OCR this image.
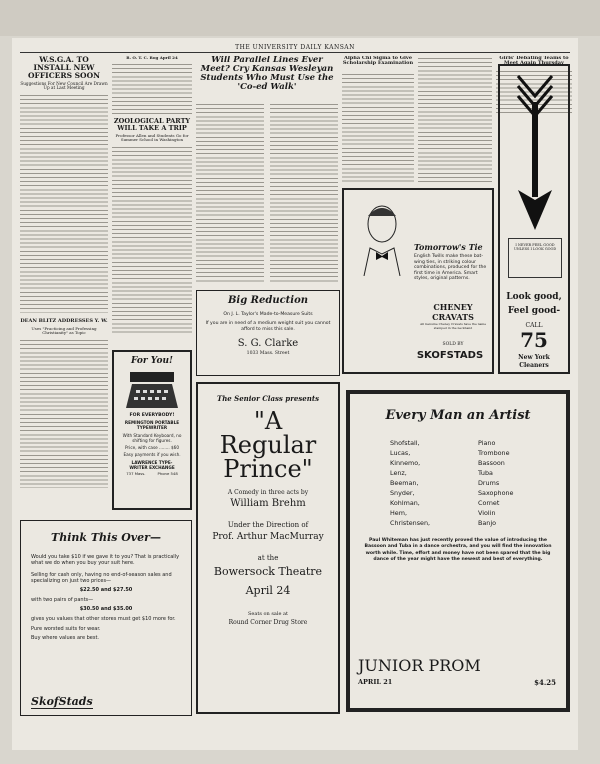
THE UNIVERSITY DAILY KANSAN
W.S.G.A. TO INSTALL NEW OFFICERS SOON
Suggestions For New Council Are Drawn Up at Last Meeting
DEAN BLITZ ADDRESSES Y. W.
Uses "Practicing and Professing Christianity" as Topic
R. O. T. C. Rog April 24
ZOOLOGICAL PARTY WILL TAKE A TRIP
Professor Allen and Students Go for Summer School in Washington
Will Parallel Lines Ever Meet? Cry Kansas Wesleyan Students Who Must Use the 'Co-ed Walk'
Alpha Chi Sigma to Give Scholarship Examination
Girls' Debating Teams to Meet Again Thursday
Tomorrow's Tie
English Twills make these bat-wing ties, in striking colour combinations, produced for the first time in America. Smart styles, original patterns.
CHENEY CRAVATS
All Genuine Cheney Cravats have the name stamped in the neckband
SOLD BY
SKOFSTADS
I NEVER FEEL GOOD UNLESS I LOOK GOOD
Look good,
Feel good-
CALL
75
New York
Cleaners
Big Reduction
On J. L. Taylor's Made-to-Measure Suits
If you are in need of a medium weight suit you cannot afford to miss this sale.
S. G. Clarke
1033 Mass. Street
For You!
FOR EVERYBODY!
REMINGTON PORTABLE TYPEWRITER
With Standard Keyboard, no shifting for figures.
Price, with case ........ $60
Easy payments if you wish.
LAWRENCE TYPE-
WRITER EXCHANGE
737 Mass.          Phone 548
Think This Over—
Would you take $10 if we gave it to you? That is practically what we do when you buy your suit here.
Selling for cash only, having no end-of-season sales and specializing on just two prices—
$22.50 and $27.50
with two pairs of pants—
$30.50 and $35.00
gives you values that other stores must get $10 more for.
Pure worsted suits for wear.
Buy where values are best.
SkofStads
The Senior Class presents
"A
Regular
Prince"
A Comedy in three acts by
William Brehm
Under the Direction of
Prof. Arthur MacMurray
at the
Bowersock Theatre
April 24
Seats on sale at
Round Corner Drug Store
Every Man an Artist
Shofstall,
Lucas,
Kinnemo,
Lenz,
Beeman,
Snyder,
Kohlman,
Hem,
Christensen,
Piano
Trombone
Bassoon
Tuba
Drums
Saxophone
Cornet
Violin
Banjo
Paul Whiteman has just recently proved the value of introducing the Bassoon and Tuba in a dance orchestra, and you will find the innovation worth while. Time, effort and money have not been spared that the big dance of the year might have the newest and best of everything.
JUNIOR PROM
APRIL 21	$4.25
